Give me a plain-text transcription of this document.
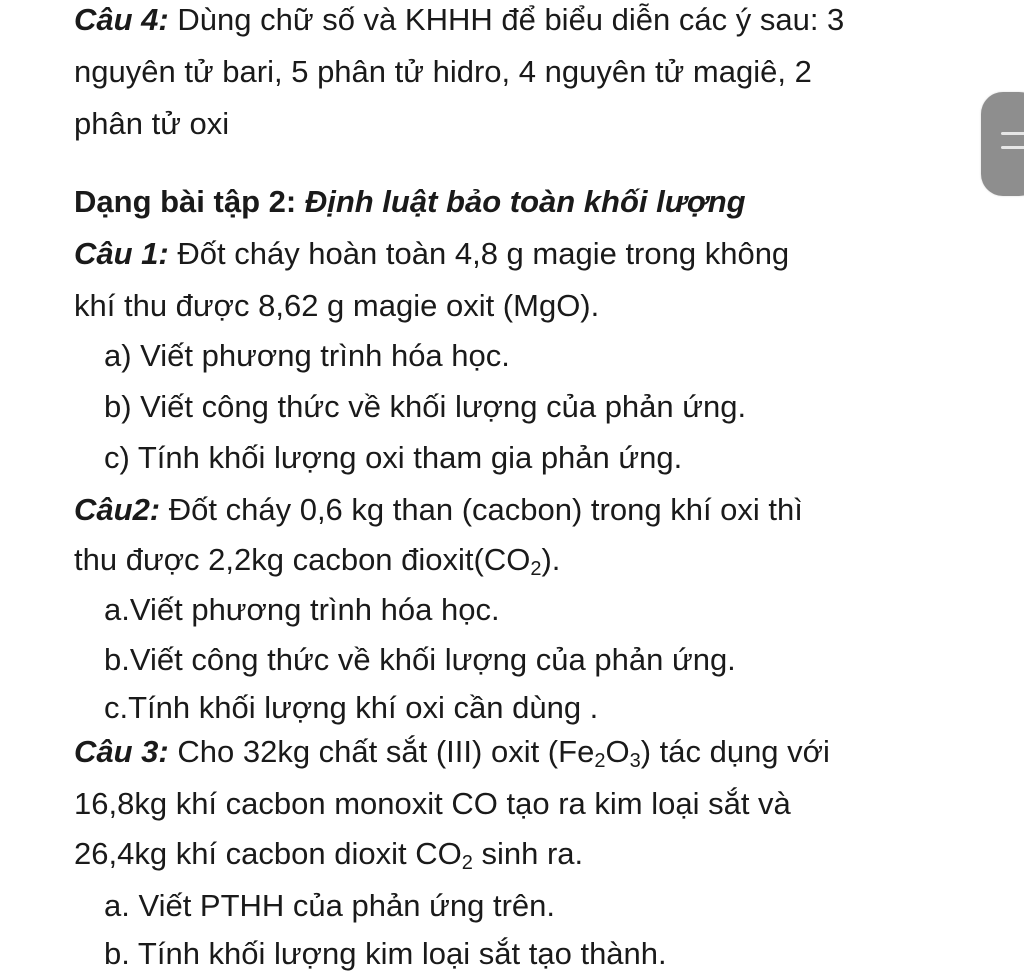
Câu 4: Dùng chữ số và KHHH để biểu diễn các ý sau: 3
nguyên tử bari, 5 phân tử hidro, 4 nguyên tử magiê, 2
phân tử oxi
Dạng bài tập 2: Định luật bảo toàn khối lượng
Câu 1: Đốt cháy hoàn toàn 4,8 g magie trong không
khí thu được 8,62 g magie oxit (MgO).
a) Viết phương trình hóa học.
b) Viết công thức về khối lượng của phản ứng.
c) Tính khối lượng oxi tham gia phản ứng.
Câu2: Đốt cháy 0,6 kg than (cacbon) trong khí oxi thì
thu được 2,2kg cacbon $đioxit(CO_2)$.
a.Viết phương trình hóa học.
b.Viết công thức về khối lượng của phản ứng.
c.Tính khối lượng khí oxi cần dùng .
Câu 3: Cho 32kg chất sắt (III) oxit $(Fe_2O_3)$ tác dụng với
16,8kg khí cacbon monoxit CO tạo ra kim loại sắt và
26,4kg khí cacbon dioxit $CO_2$ sinh ra.
a. Viết PTHH của phản ứng trên.
b. Tính khối lượng kim loại sắt tạo thành.
